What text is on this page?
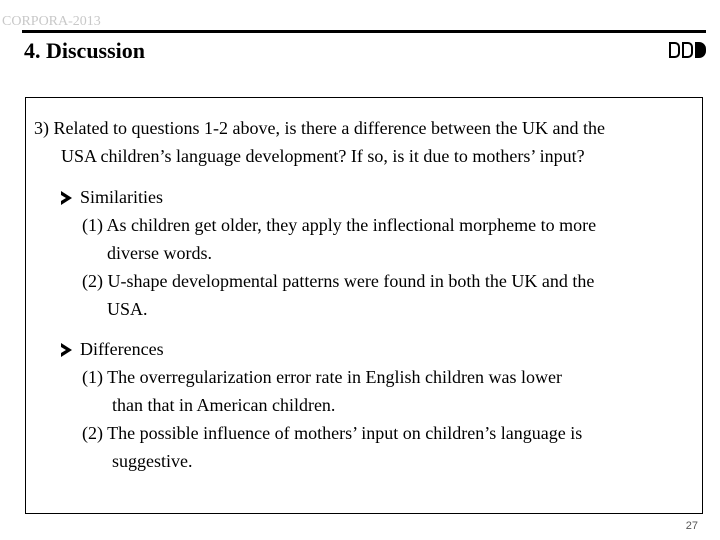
CORPORA-2013
4. Discussion
3) Related to questions 1-2 above, is there a difference between the UK and the
USA children’s language development? If so, is it due to mothers’ input?
Similarities
(1) As children get older, they apply the inflectional morpheme to more
diverse words.
(2) U-shape developmental patterns were found in both the UK and the
USA.
Differences
(1) The overregularization error rate in English children was lower
than that in American children.
(2) The possible influence of mothers’ input on children’s language is
suggestive.
27
